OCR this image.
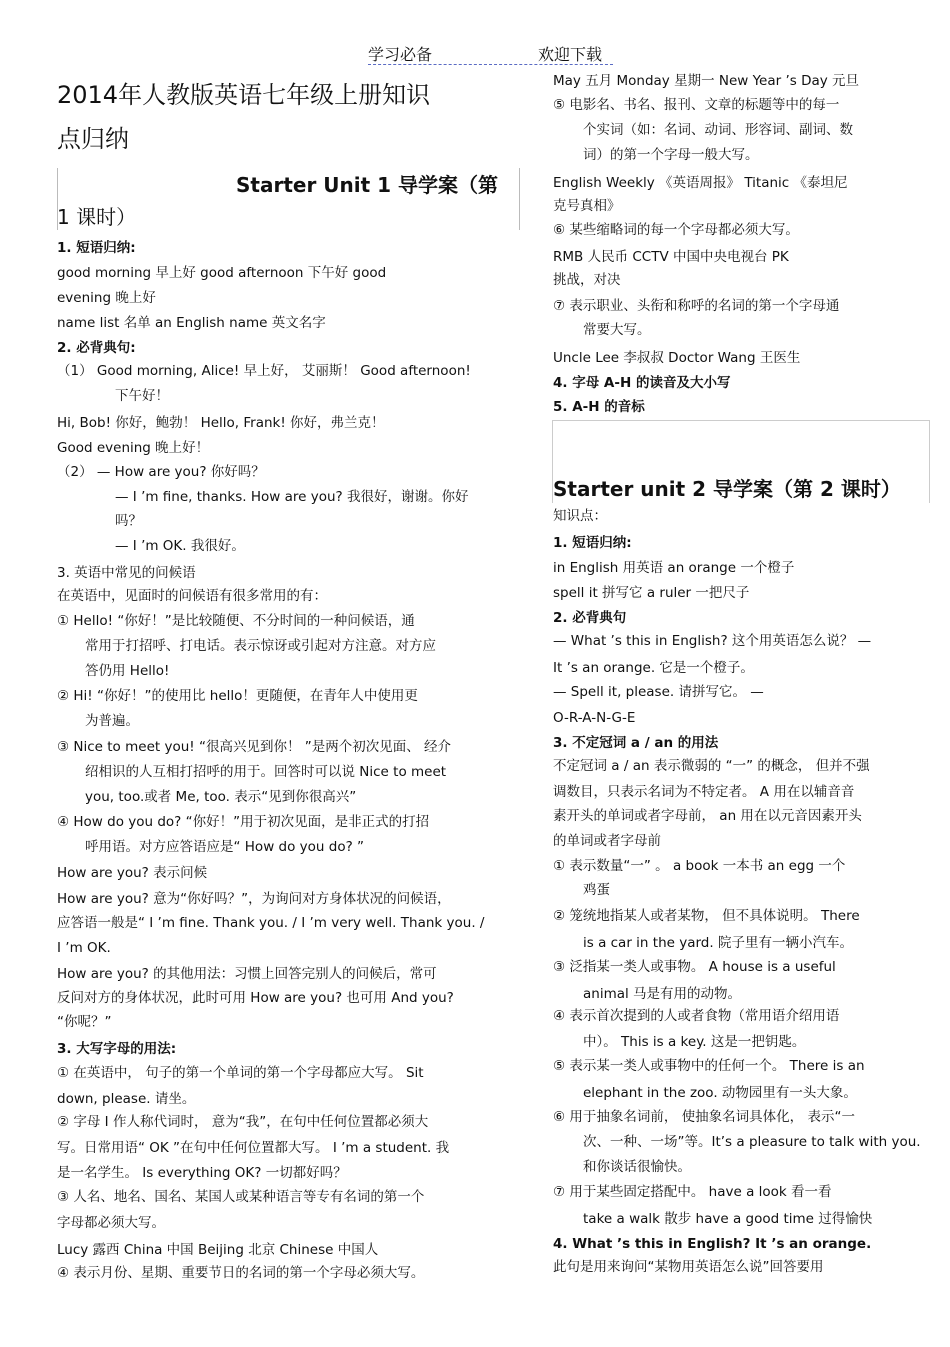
学习必备	欢迎下载
2014年人教版英语七年级上册知识
点归纳
Starter Unit 1 导学案（第
1 课时）
1. 短语归纳:
good morning 早上好 good afternoon 下午好 good
evening 晚上好
name list 名单 an English name 英文名字
2. 必背典句:
（1） Good morning, Alice! 早上好， 艾丽斯！ Good afternoon!
下午好！
Hi, Bob! 你好，鲍勃！ Hello, Frank! 你好，弗兰克！
Good evening 晚上好！
（2） — How are you? 你好吗？
— I ’m fine, thanks. How are you? 我很好，谢谢。你好
吗？
— I ’m OK. 我很好。
3. 英语中常见的问候语
在英语中，见面时的问候语有很多常用的有：
① Hello! “你好！”是比较随便、不分时间的一种问候语，通
常用于打招呼、打电话。表示惊讶或引起对方注意。对方应
答仍用 Hello!
② Hi! “你好！”的使用比 hello！更随便，在青年人中使用更
为普遍。
③ Nice to meet you! “很高兴见到你！ ”是两个初次见面、 经介
绍相识的人互相打招呼的用于。回答时可以说 Nice to meet
you, too.或者 Me, too. 表示“见到你很高兴”
④ How do you do? “你好！”用于初次见面，是非正式的打招
呼用语。对方应答语应是“ How do you do? ”
How are you? 表示问候
How are you? 意为“你好吗？”，为询问对方身体状况的问候语，
应答语一般是“ I ’m fine. Thank you. / I ’m very well. Thank you. /
I ’m OK.
How are you? 的其他用法：习惯上回答完别人的问候后，常可
反问对方的身体状况，此时可用 How are you? 也可用 And you?
“你呢？”
3. 大写字母的用法:
① 在英语中， 句子的第一个单词的第一个字母都应大写。 Sit
down, please. 请坐。
② 字母 I 作人称代词时， 意为“我”，在句中任何位置都必须大
写。日常用语“ OK ”在句中任何位置都大写。 I ’m a student. 我
是一名学生。 Is everything OK? 一切都好吗？
③ 人名、地名、国名、某国人或某种语言等专有名词的第一个
字母都必须大写。
Lucy 露西 China 中国 Beijing 北京 Chinese 中国人
④ 表示月份、星期、重要节日的名词的第一个字母必须大写。
May 五月 Monday 星期一 New Year ’s Day 元旦
⑤ 电影名、书名、报刊、文章的标题等中的每一
个实词（如：名词、动词、形容词、副词、数
词）的第一个字母一般大写。
English Weekly 《英语周报》 Titanic 《泰坦尼
克号真相》
⑥ 某些缩略词的每一个字母都必须大写。
RMB 人民币 CCTV 中国中央电视台 PK
挑战，对决
⑦ 表示职业、头衔和称呼的名词的第一个字母通
常要大写。
Uncle Lee 李叔叔 Doctor Wang 王医生
4. 字母 A-H 的读音及大小写
5. A-H 的音标
Starter unit 2 导学案（第 2 课时）
知识点：
1. 短语归纳:
in English 用英语 an orange 一个橙子
spell it 拼写它 a ruler 一把尺子
2. 必背典句
— What ’s this in English? 这个用英语怎么说？ —
It ’s an orange. 它是一个橙子。
— Spell it, please. 请拼写它。 —
O-R-A-N-G-E
3. 不定冠词 a / an 的用法
不定冠词 a / an 表示微弱的 “一” 的概念， 但并不强
调数目，只表示名词为不特定者。 A 用在以辅音音
素开头的单词或者字母前， an 用在以元音因素开头
的单词或者字母前
① 表示数量“一” 。 a book 一本书 an egg 一个
鸡蛋
② 笼统地指某人或者某物， 但不具体说明。 There
is a car in the yard. 院子里有一辆小汽车。
③ 泛指某一类人或事物。 A house is a useful
animal 马是有用的动物。
④ 表示首次提到的人或者食物（常用语介绍用语
中）。 This is a key. 这是一把钥匙。
⑤ 表示某一类人或事物中的任何一个。 There is an
elephant in the zoo. 动物园里有一头大象。
⑥ 用于抽象名词前， 使抽象名词具体化， 表示“一
次、一种、一场”等。It’s a pleasure to talk with you.
和你谈话很愉快。
⑦ 用于某些固定搭配中。 have a look 看一看
take a walk 散步 have a good time 过得愉快
4. What ’s this in English? It ’s an orange.
此句是用来询问“某物用英语怎么说”回答要用
